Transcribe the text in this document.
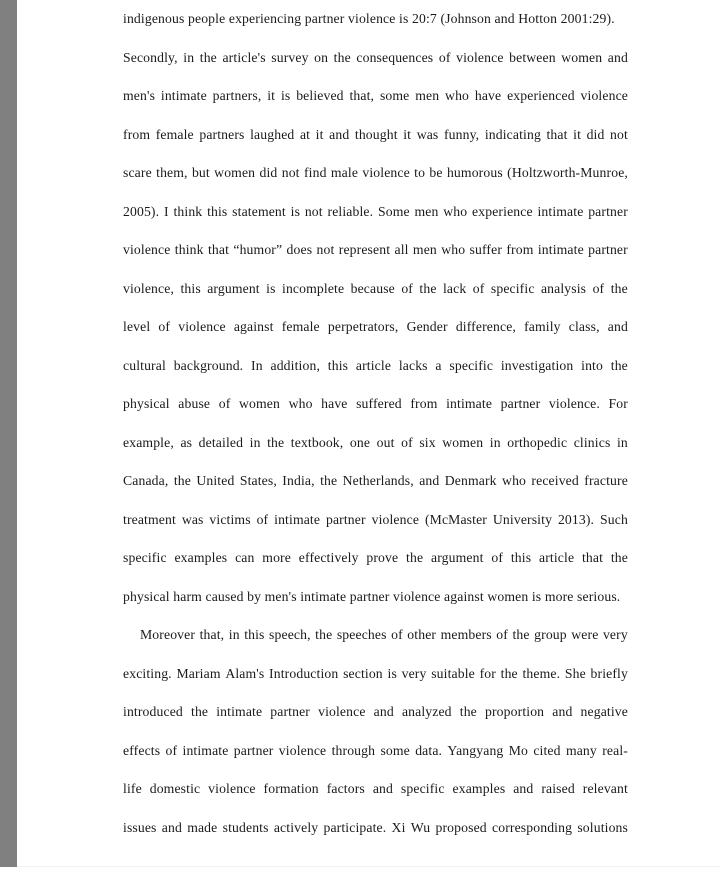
indigenous people experiencing partner violence is 20:7 (Johnson and Hotton 2001:29).
Secondly, in the article's survey on the consequences of violence between women and
men's intimate partners, it is believed that, some men who have experienced violence
from female partners laughed at it and thought it was funny, indicating that it did not
scare them, but women did not find male violence to be humorous (Holtzworth-Munroe,
2005). I think this statement is not reliable. Some men who experience intimate partner
violence think that “humor” does not represent all men who suffer from intimate partner
violence, this argument is incomplete because of the lack of specific analysis of the
level of violence against female perpetrators, Gender difference, family class, and
cultural background. In addition, this article lacks a specific investigation into the
physical abuse of women who have suffered from intimate partner violence. For
example, as detailed in the textbook, one out of six women in orthopedic clinics in
Canada, the United States, India, the Netherlands, and Denmark who received fracture
treatment was victims of intimate partner violence (McMaster University 2013). Such
specific examples can more effectively prove the argument of this article that the
physical harm caused by men's intimate partner violence against women is more serious.
Moreover that, in this speech, the speeches of other members of the group were very
exciting. Mariam Alam's Introduction section is very suitable for the theme. She briefly
introduced the intimate partner violence and analyzed the proportion and negative
effects of intimate partner violence through some data. Yangyang Mo cited many real-
life domestic violence formation factors and specific examples and raised relevant
issues and made students actively participate. Xi Wu proposed corresponding solutions
